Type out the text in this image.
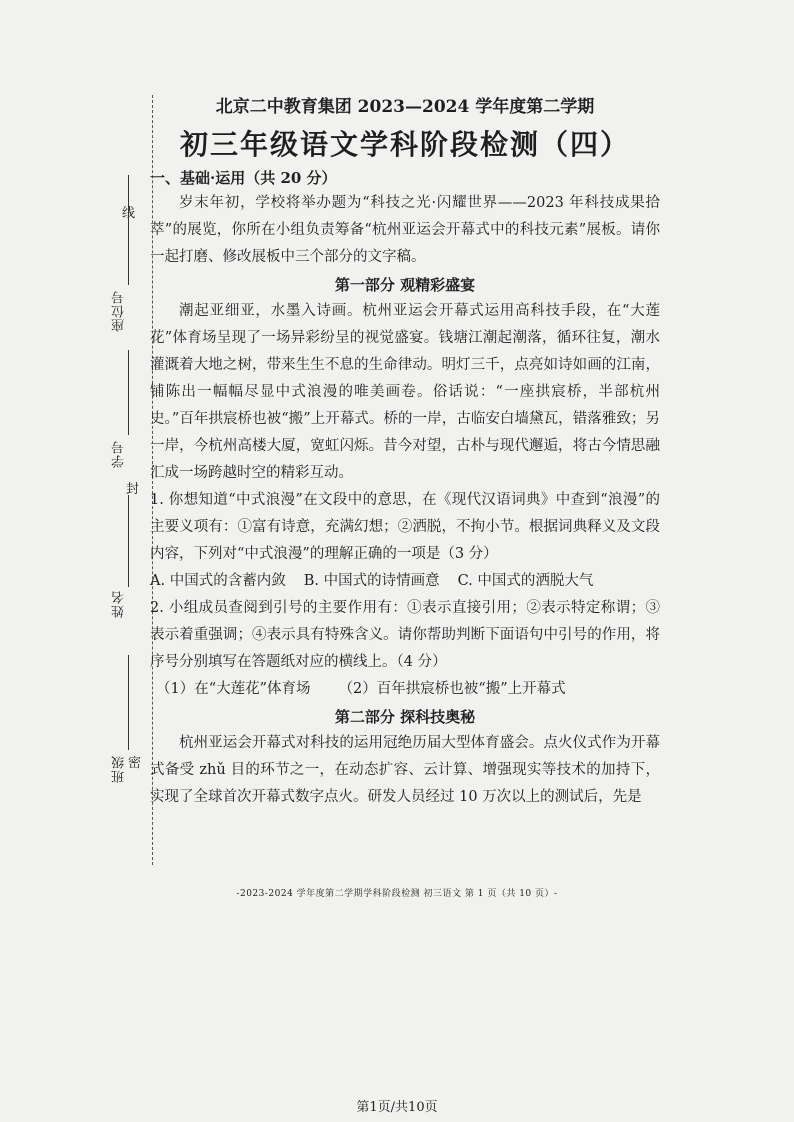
线
封
密
座位号
学号
姓名
班级
北京二中教育集团 2023—2024 学年度第二学期
初三年级语文学科阶段检测（四）
一、基础·运用（共 20 分）

岁末年初，学校将举办题为“科技之光·闪耀世界——2023 年科技成果拾萃”的展览，你所在小组负责筹备“杭州亚运会开幕式中的科技元素”展板。请你一起打磨、修改展板中三个部分的文字稿。

第一部分 观精彩盛宴

潮起亚细亚，水墨入诗画。杭州亚运会开幕式运用高科技手段，在“大莲花”体育场呈现了一场异彩纷呈的视觉盛宴。钱塘江潮起潮落，循环往复，潮水灌溉着大地之树，带来生生不息的生命律动。明灯三千，点亮如诗如画的江南，铺陈出一幅幅尽显中式浪漫的唯美画卷。俗话说：“一座拱宸桥，半部杭州史。”百年拱宸桥也被“搬”上开幕式。桥的一岸，古临安白墙黛瓦，错落雅致；另一岸，今杭州高楼大厦，宽虹闪烁。昔今对望，古朴与现代邂逅，将古今情思融汇成一场跨越时空的精彩互动。

1. 你想知道“中式浪漫”在文段中的意思，在《现代汉语词典》中查到“浪漫”的主要义项有：①富有诗意，充满幻想；②洒脱，不拘小节。根据词典释义及文段内容，下列对“中式浪漫”的理解正确的一项是（3 分）

A. 中国式的含蓄内敛 B. 中国式的诗情画意 C. 中国式的洒脱大气

2. 小组成员查阅到引号的主要作用有：①表示直接引用；②表示特定称谓；③表示着重强调；④表示具有特殊含义。请你帮助判断下面语句中引号的作用，将序号分别填写在答题纸对应的横线上。（4 分）

（1）在“大莲花”体育场 （2）百年拱宸桥也被“搬”上开幕式
第二部分 探科技奥秘

杭州亚运会开幕式对科技的运用冠绝历届大型体育盛会。点火仪式作为开幕式备受 zhǔ 目的环节之一，在动态扩容、云计算、增强现实等技术的加持下，实现了全球首次开幕式数字点火。研发人员经过 10 万次以上的测试后，先是

-2023-2024 学年度第二学期学科阶段检测 初三语文 第 1 页（共 10 页）-
第1页/共10页
